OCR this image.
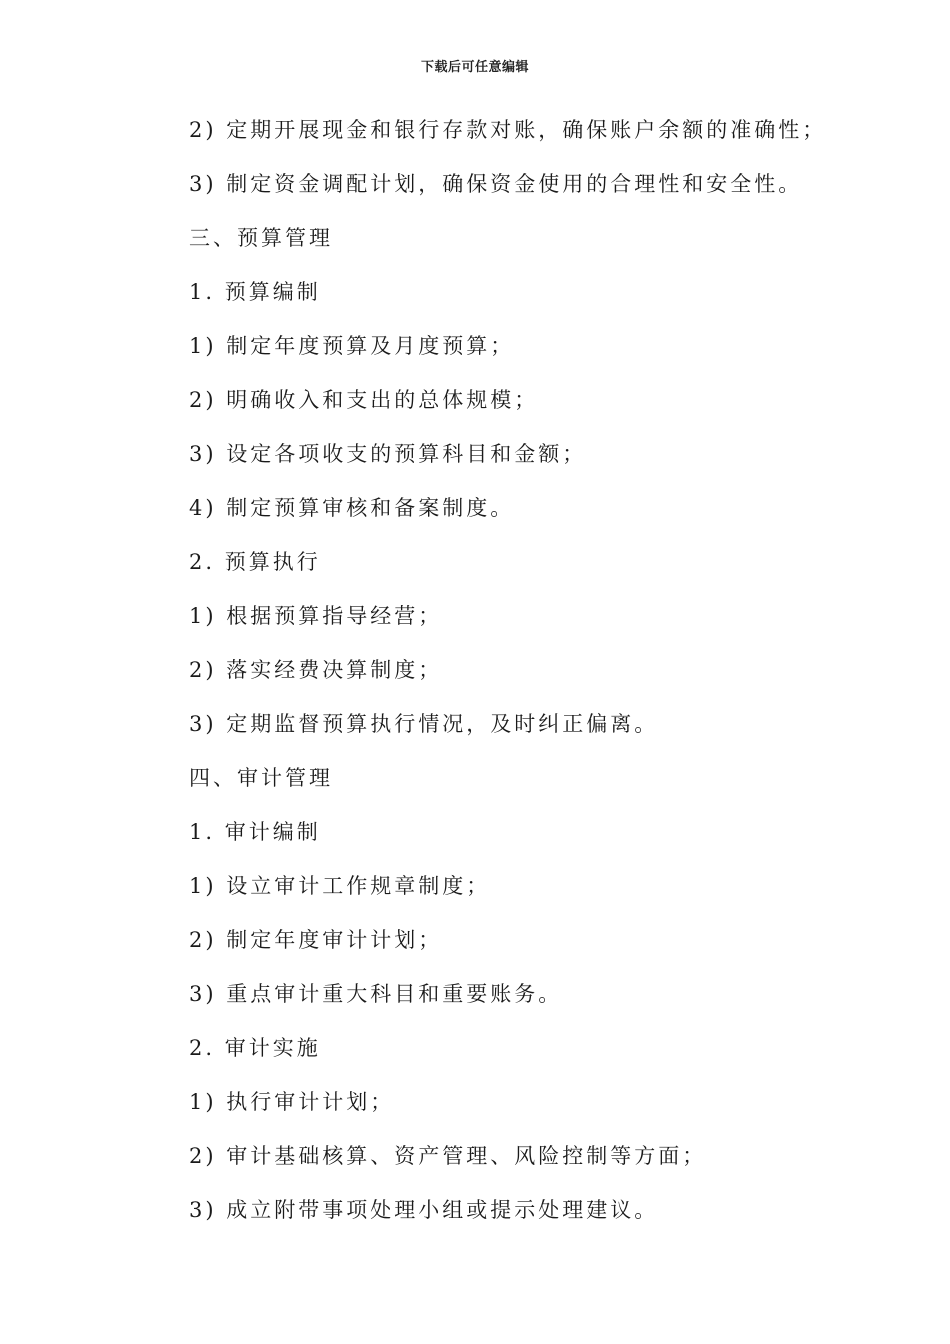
下载后可任意编辑
2) 定期开展现金和银行存款对账，确保账户余额的准确性；
3) 制定资金调配计划，确保资金使用的合理性和安全性。
三、预算管理
1. 预算编制
1) 制定年度预算及月度预算；
2) 明确收入和支出的总体规模；
3) 设定各项收支的预算科目和金额；
4) 制定预算审核和备案制度。
2. 预算执行
1) 根据预算指导经营；
2) 落实经费决算制度；
3) 定期监督预算执行情况，及时纠正偏离。
四、审计管理
1. 审计编制
1) 设立审计工作规章制度；
2) 制定年度审计计划；
3) 重点审计重大科目和重要账务。
2. 审计实施
1) 执行审计计划；
2) 审计基础核算、资产管理、风险控制等方面；
3) 成立附带事项处理小组或提示处理建议。
